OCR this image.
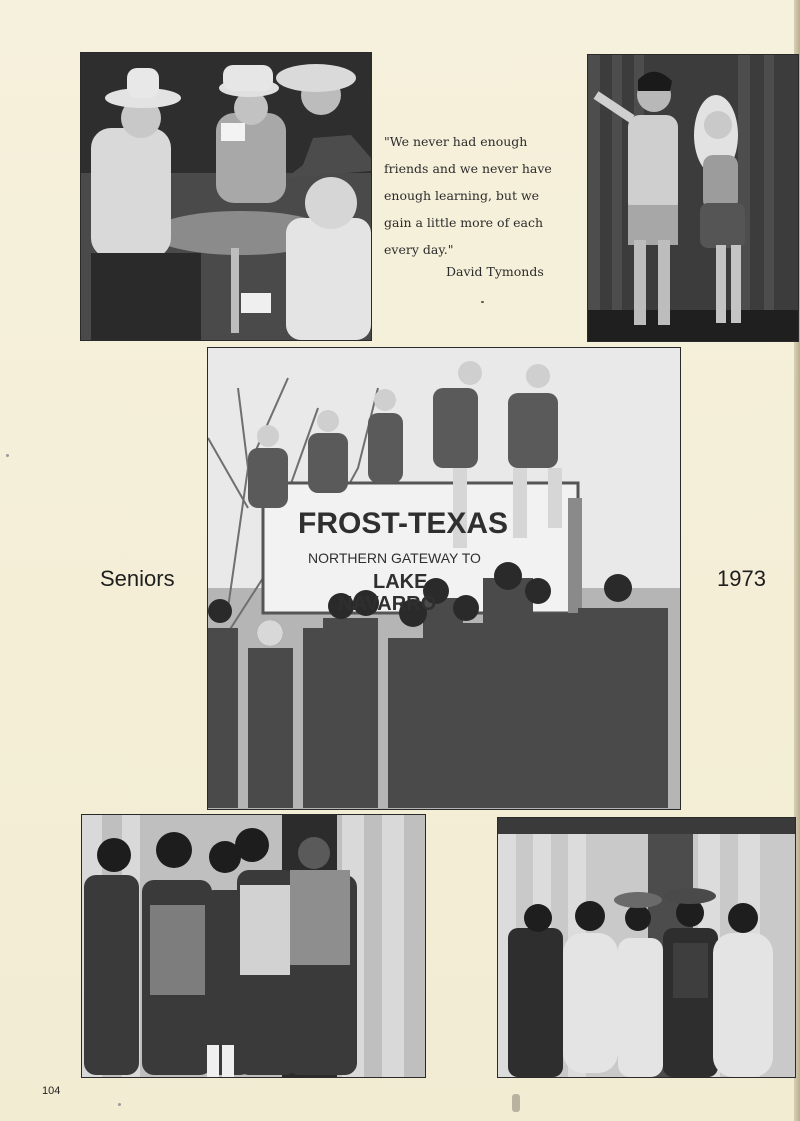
"We never had enough
friends and we never have
enough learning, but we
gain a little more of each
every day."
David Tymonds
FROST-TEXAS
NORTHERN GATEWAY TO
LAKE
NAVARRO
Seniors	1973
104
